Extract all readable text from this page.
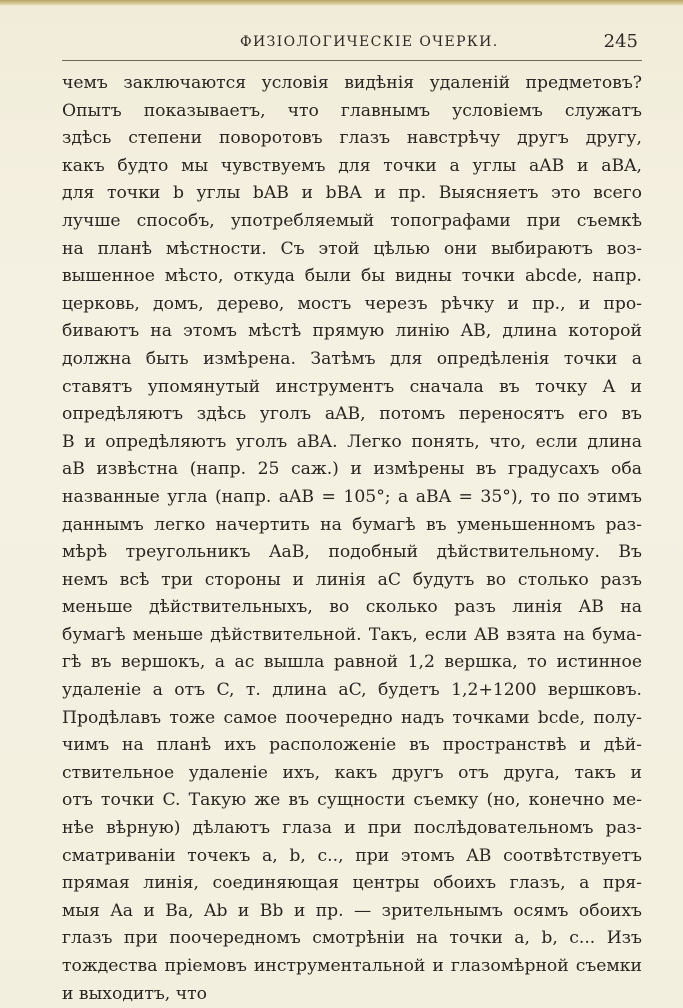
ФИЗІОЛОГИЧЕСКІЕ ОЧЕРКИ.	245
чемъ заключаются условія видѣнія удаленій предметовъ?
Опытъ показываетъ, что главнымъ условіемъ служатъ
здѣсь степени поворотовъ глазъ навстрѣчу другъ другу,
какъ будто мы чувствуемъ для точки a углы aAB и aBA,
для точки b углы bAB и bBA и пр. Выясняетъ это всего
лучше способъ, употребляемый топографами при съемкѣ
на планѣ мѣстности. Съ этой цѣлью они выбираютъ воз-
вышенное мѣсто, откуда были бы видны точки abcde, напр.
церковь, домъ, дерево, мостъ черезъ рѣчку и пр., и про-
биваютъ на этомъ мѣстѣ прямую линію AB, длина которой
должна быть измѣрена. Затѣмъ для опредѣленія точки a
ставятъ упомянутый инструментъ сначала въ точку A и
опредѣляютъ здѣсь уголъ aAB, потомъ переносятъ его въ
B и опредѣляютъ уголъ aBA. Легко понять, что, если длина
aB извѣстна (напр. 25 саж.) и измѣрены въ градусахъ оба
названные угла (напр. aAB = 105°; a aBA = 35°), то по этимъ
даннымъ легко начертить на бумагѣ въ уменьшенномъ раз-
мѣрѣ треугольникъ AaB, подобный дѣйствительному. Въ
немъ всѣ три стороны и линія aC будутъ во столько разъ
меньше дѣйствительныхъ, во сколько разъ линія AB на
бумагѣ меньше дѣйствительной. Такъ, если AB взята на бума-
гѣ въ вершокъ, а ac вышла равной 1,2 вершка, то истинное
удаленіе a отъ C, т. длина aC, будетъ 1,2+1200 вершковъ.
Продѣлавъ тоже самое поочередно надъ точками bcde, полу-
чимъ на планѣ ихъ расположеніе въ пространствѣ и дѣй-
ствительное удаленіе ихъ, какъ другъ отъ друга, такъ и
отъ точки C. Такую же въ сущности съемку (но, конечно ме-
нѣе вѣрную) дѣлаютъ глаза и при послѣдовательномъ раз-
сматриваніи точекъ a, b, c.., при этомъ AB соотвѣтствуетъ
прямая линія, соединяющая центры обоихъ глазъ, а пря-
мыя Aa и Ba, Ab и Bb и пр. — зрительнымъ осямъ обоихъ
глазъ при поочередномъ смотрѣніи на точки a, b, c... Изъ
тождества пріемовъ инструментальной и глазомѣрной съемки
и выходитъ, что
